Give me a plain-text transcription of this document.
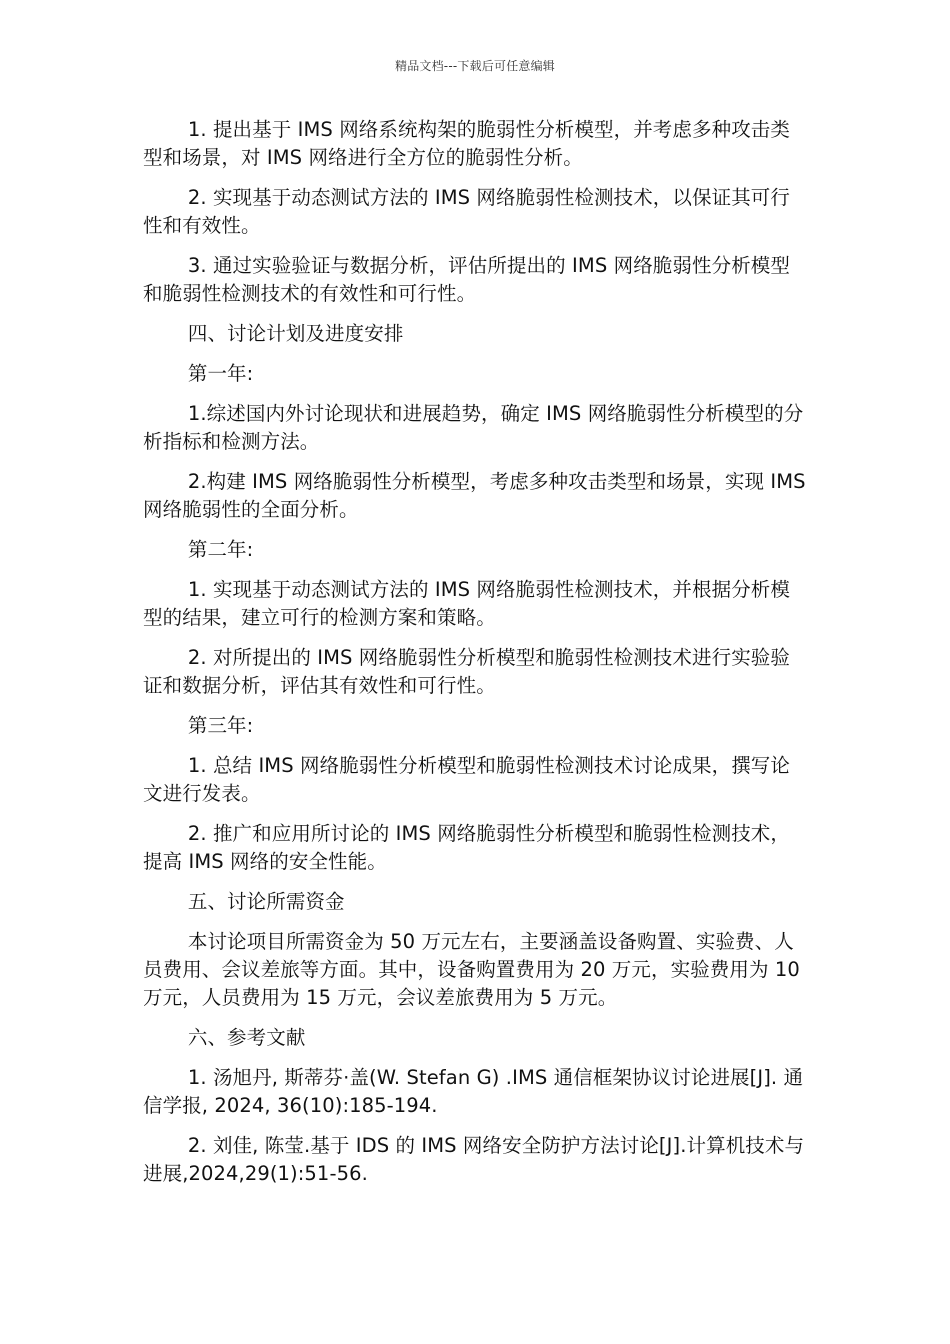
精品文档---下载后可任意编辑

1. 提出基于 IMS 网络系统构架的脆弱性分析模型，并考虑多种攻击类型和场景，对 IMS 网络进行全方位的脆弱性分析。

2. 实现基于动态测试方法的 IMS 网络脆弱性检测技术，以保证其可行性和有效性。

3. 通过实验验证与数据分析，评估所提出的 IMS 网络脆弱性分析模型和脆弱性检测技术的有效性和可行性。

四、讨论计划及进度安排

第一年:

1.综述国内外讨论现状和进展趋势，确定 IMS 网络脆弱性分析模型的分析指标和检测方法。

2.构建 IMS 网络脆弱性分析模型，考虑多种攻击类型和场景，实现 IMS 网络脆弱性的全面分析。

第二年:

1. 实现基于动态测试方法的 IMS 网络脆弱性检测技术，并根据分析模型的结果，建立可行的检测方案和策略。

2. 对所提出的 IMS 网络脆弱性分析模型和脆弱性检测技术进行实验验证和数据分析，评估其有效性和可行性。

第三年:

1. 总结 IMS 网络脆弱性分析模型和脆弱性检测技术讨论成果，撰写论文进行发表。

2. 推广和应用所讨论的 IMS 网络脆弱性分析模型和脆弱性检测技术，提高 IMS 网络的安全性能。

五、讨论所需资金

本讨论项目所需资金为 50 万元左右，主要涵盖设备购置、实验费、人员费用、会议差旅等方面。其中，设备购置费用为 20 万元，实验费用为 10 万元，人员费用为 15 万元，会议差旅费用为 5 万元。

六、参考文献

1. 汤旭丹, 斯蒂芬·盖(W. Stefan G) .IMS 通信框架协议讨论进展[J]. 通信学报, 2024, 36(10):185-194.

2. 刘佳, 陈莹.基于 IDS 的 IMS 网络安全防护方法讨论[J].计算机技术与进展,2024,29(1):51-56.
